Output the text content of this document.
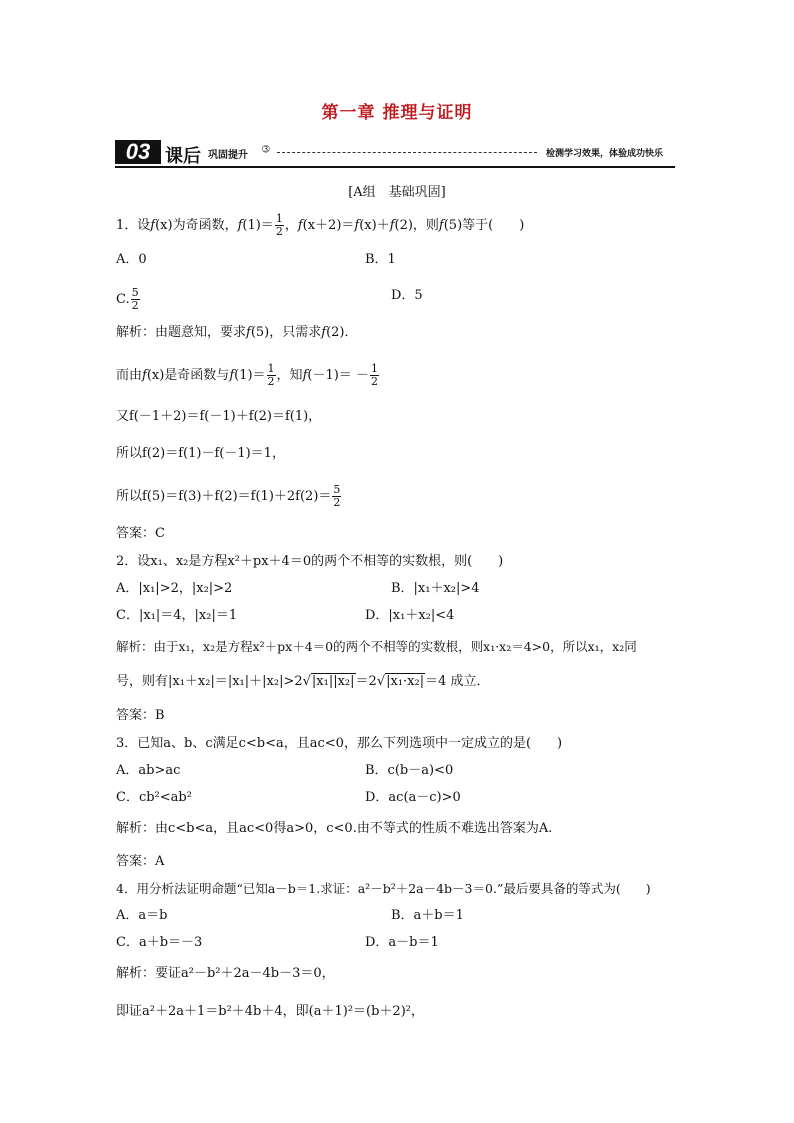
第一章 推理与证明
03 课后 巩固提升 ➂	检测学习效果，体验成功快乐
[A组　基础巩固]
1．设f(x)为奇函数，$f(1)= \frac{1}{2}$ ，f(x＋2)＝f(x)＋f(2)，则f(5)等于(　　)
A．0	B．1
C. $\frac{5}{2}$	D．5
解析：由题意知，要求f(5)，只需求f(2)．
而由f(x)是奇函数与$f(1)= \frac{1}{2}$ ，知$f(-1)= - \frac{1}{2}$
又f(－1＋2)＝f(－1)＋f(2)＝f(1)，
所以f(2)＝f(1)－f(－1)＝1，
所以$f(5)=f(3)+f(2)=f(1)+2f(2)= \frac{5}{2}$
答案：C
2．设x₁、x₂是方程x²＋px＋4＝0的两个不相等的实数根，则(　　)
A．|x₁|>2，|x₂|>2	B．|x₁＋x₂|>4
C．|x₁|＝4，|x₂|＝1	D．|x₁＋x₂|<4
解析：由于x₁，x₂是方程x²＋px＋4＝0的两个不相等的实数根，则x₁·x₂＝4>0，所以x₁，x₂同
号，则有|x₁＋x₂|＝|x₁|＋|x₂|>2√|x₁||x₂|＝2√|x₁·x₂|＝4 成立．
答案：B
3．已知a、b、c满足c<b<a，且ac<0，那么下列选项中一定成立的是(　　)
A．ab>ac	B．c(b－a)<0
C．cb²<ab²	D．ac(a－c)>0
解析：由c<b<a，且ac<0得a>0，c<0.由不等式的性质不难选出答案为A.
答案：A
4．用分析法证明命题“已知a－b＝1.求证：a²－b²＋2a－4b－3＝0.”最后要具备的等式为(　　)
A．a＝b	B．a＋b＝1
C．a＋b＝－3	D．a－b＝1
解析：要证a²－b²＋2a－4b－3＝0，
即证a²＋2a＋1＝b²＋4b＋4，即(a＋1)²＝(b＋2)²，
